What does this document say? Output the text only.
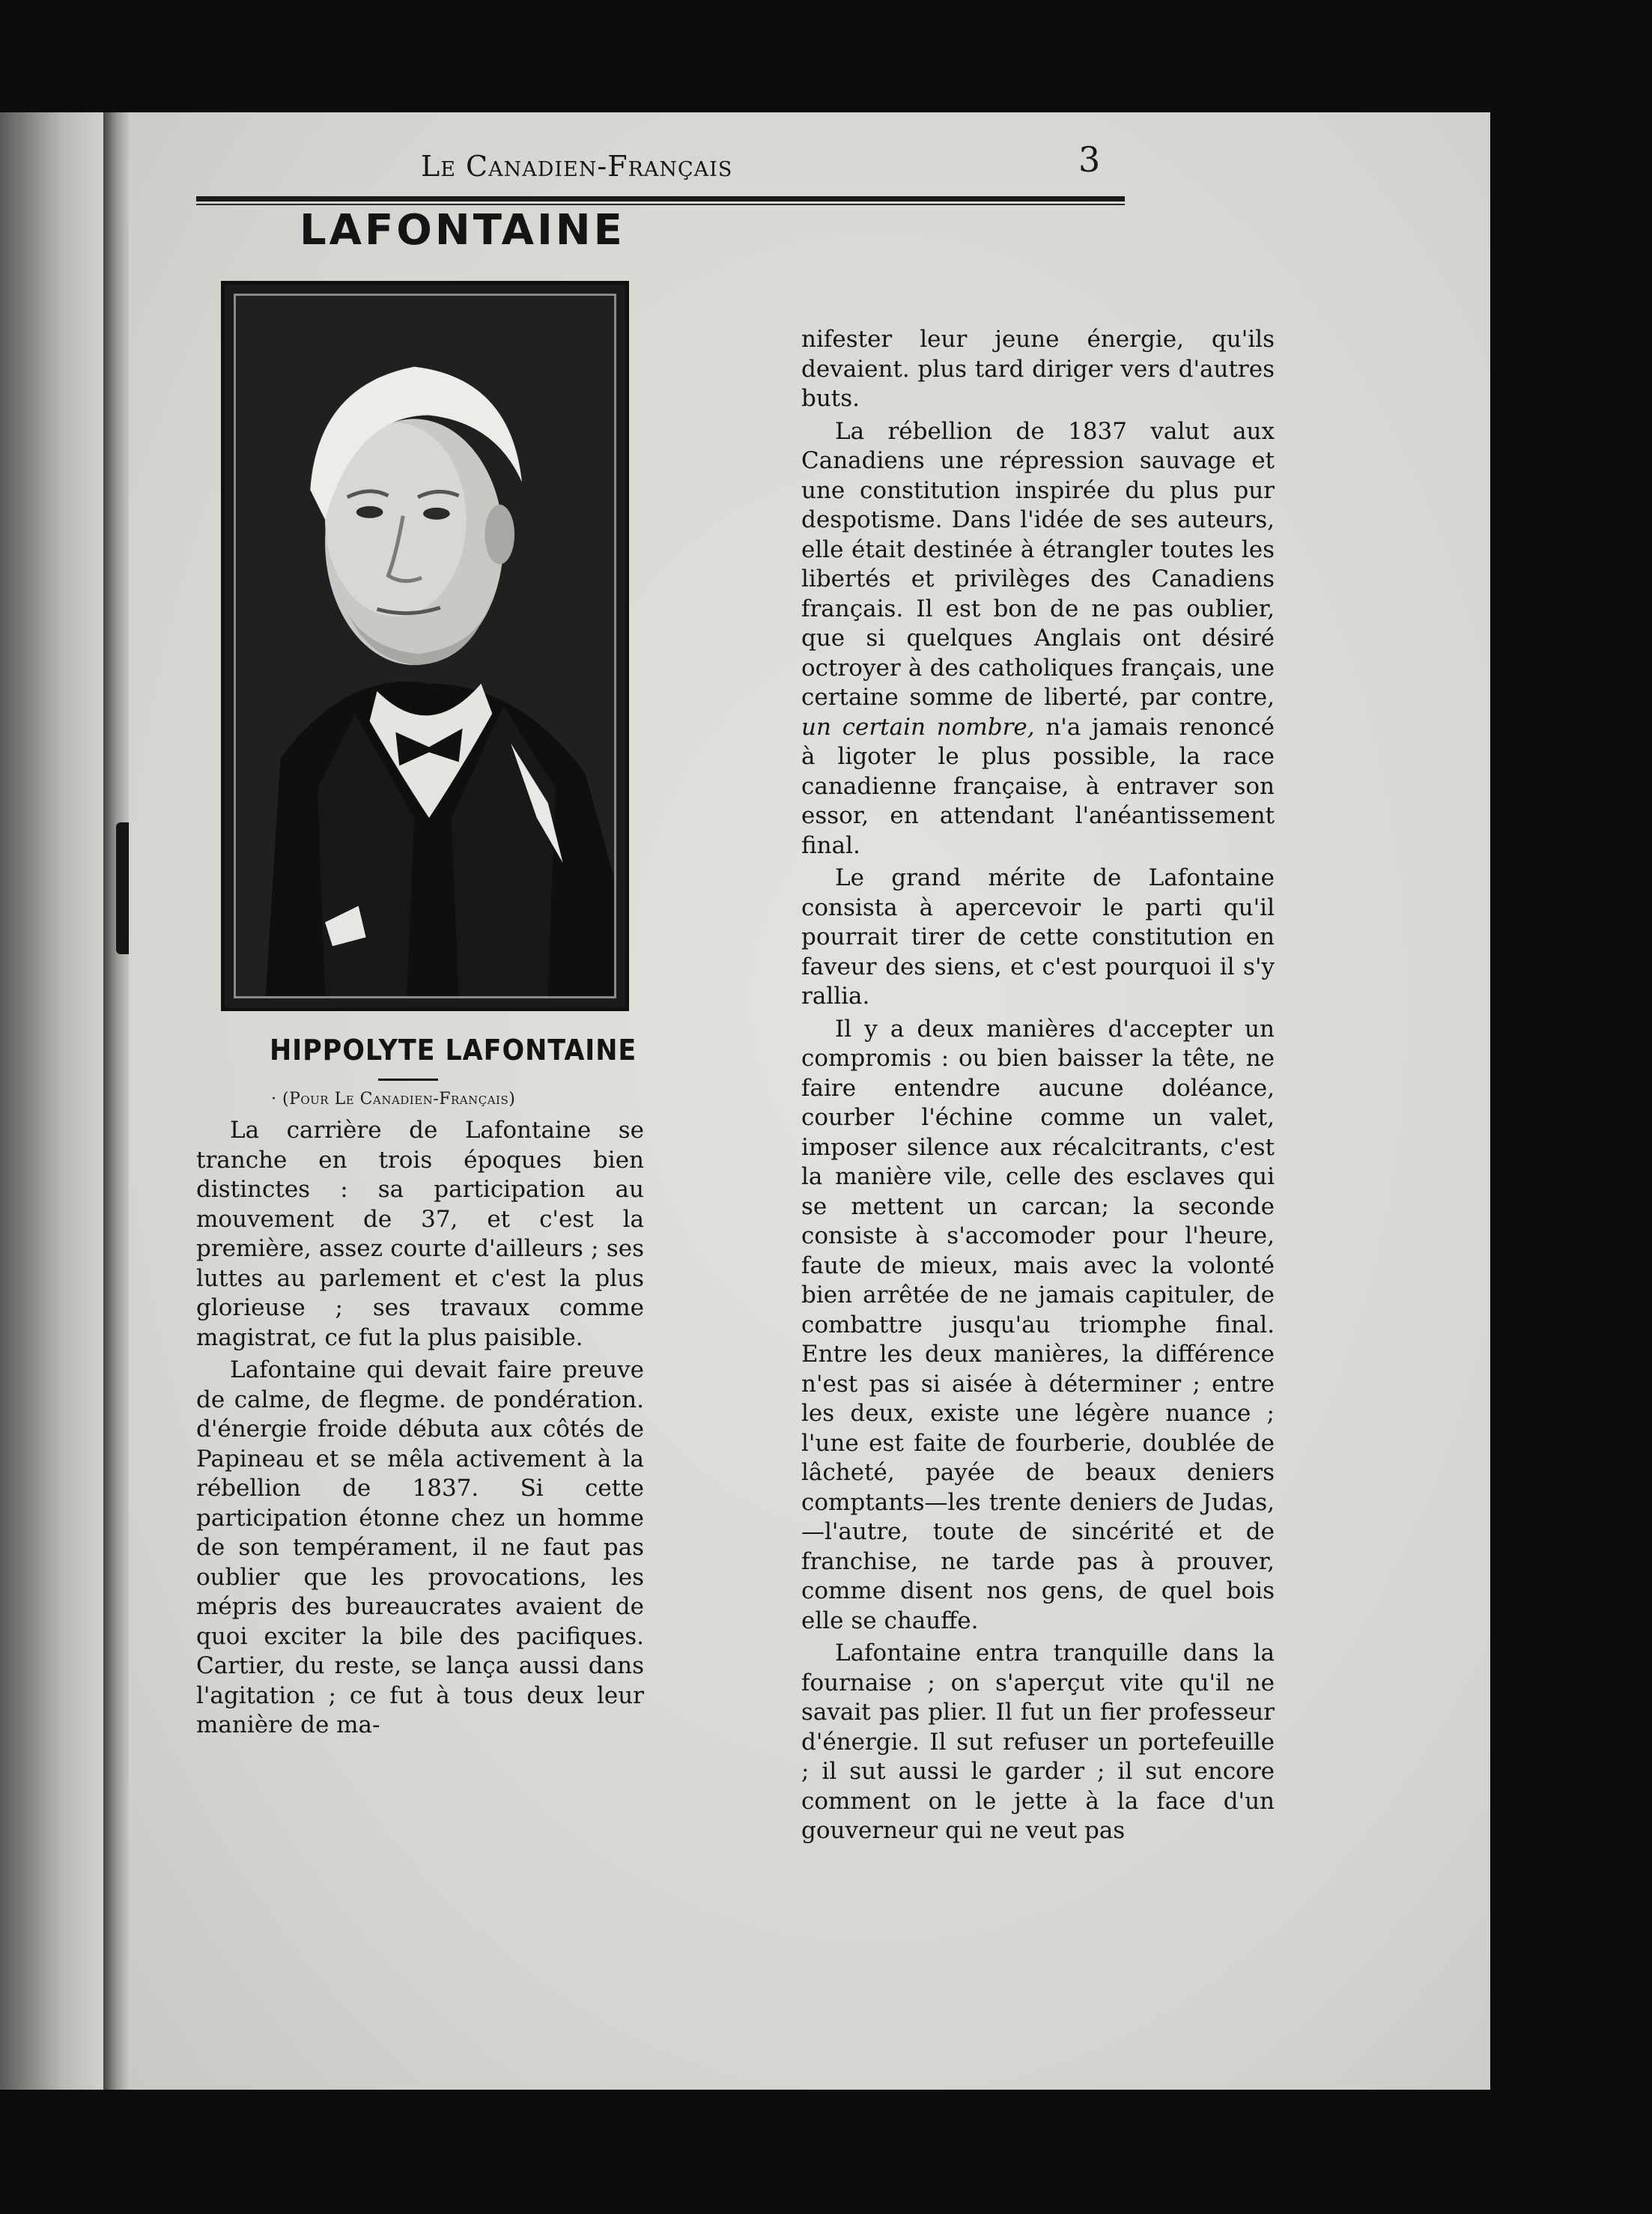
Le Canadien-Français	3
LAFONTAINE
HIPPOLYTE LAFONTAINE
· (Pour Le Canadien-Français)

La carrière de Lafontaine se tranche en trois époques bien distinctes : sa participation au mouvement de 37, et c'est la première, assez courte d'ailleurs ; ses luttes au parlement et c'est la plus glorieuse ; ses travaux comme magistrat, ce fut la plus paisible.

Lafontaine qui devait faire preuve de calme, de flegme. de pondération. d'énergie froide débuta aux côtés de Papineau et se mêla activement à la rébellion de 1837. Si cette participation étonne chez un homme de son tempérament, il ne faut pas oublier que les provocations, les mépris des bureaucrates avaient de quoi exciter la bile des pacifiques. Cartier, du reste, se lança aussi dans l'agitation ; ce fut à tous deux leur manière de ma-

nifester leur jeune énergie, qu'ils devaient. plus tard diriger vers d'autres buts.

La rébellion de 1837 valut aux Canadiens une répression sauvage et une constitution inspirée du plus pur despotisme. Dans l'idée de ses auteurs, elle était destinée à étrangler toutes les libertés et privilèges des Canadiens français. Il est bon de ne pas oublier, que si quelques Anglais ont désiré octroyer à des catholiques français, une certaine somme de liberté, par contre, un certain nombre, n'a jamais renoncé à ligoter le plus possible, la race canadienne française, à entraver son essor, en attendant l'anéantissement final.

Le grand mérite de Lafontaine consista à apercevoir le parti qu'il pourrait tirer de cette constitution en faveur des siens, et c'est pourquoi il s'y rallia.

Il y a deux manières d'accepter un compromis : ou bien baisser la tête, ne faire entendre aucune doléance, courber l'échine comme un valet, imposer silence aux récalcitrants, c'est la manière vile, celle des esclaves qui se mettent un carcan; la seconde consiste à s'accomoder pour l'heure, faute de mieux, mais avec la volonté bien arrêtée de ne jamais capituler, de combattre jusqu'au triomphe final. Entre les deux manières, la différence n'est pas si aisée à déterminer ; entre les deux, existe une légère nuance ; l'une est faite de fourberie, doublée de lâcheté, payée de beaux deniers comptants—les trente deniers de Judas,—l'autre, toute de sincérité et de franchise, ne tarde pas à prouver, comme disent nos gens, de quel bois elle se chauffe.

Lafontaine entra tranquille dans la fournaise ; on s'aperçut vite qu'il ne savait pas plier. Il fut un fier professeur d'énergie. Il sut refuser un portefeuille ; il sut aussi le garder ; il sut encore comment on le jette à la face d'un gouverneur qui ne veut pas
